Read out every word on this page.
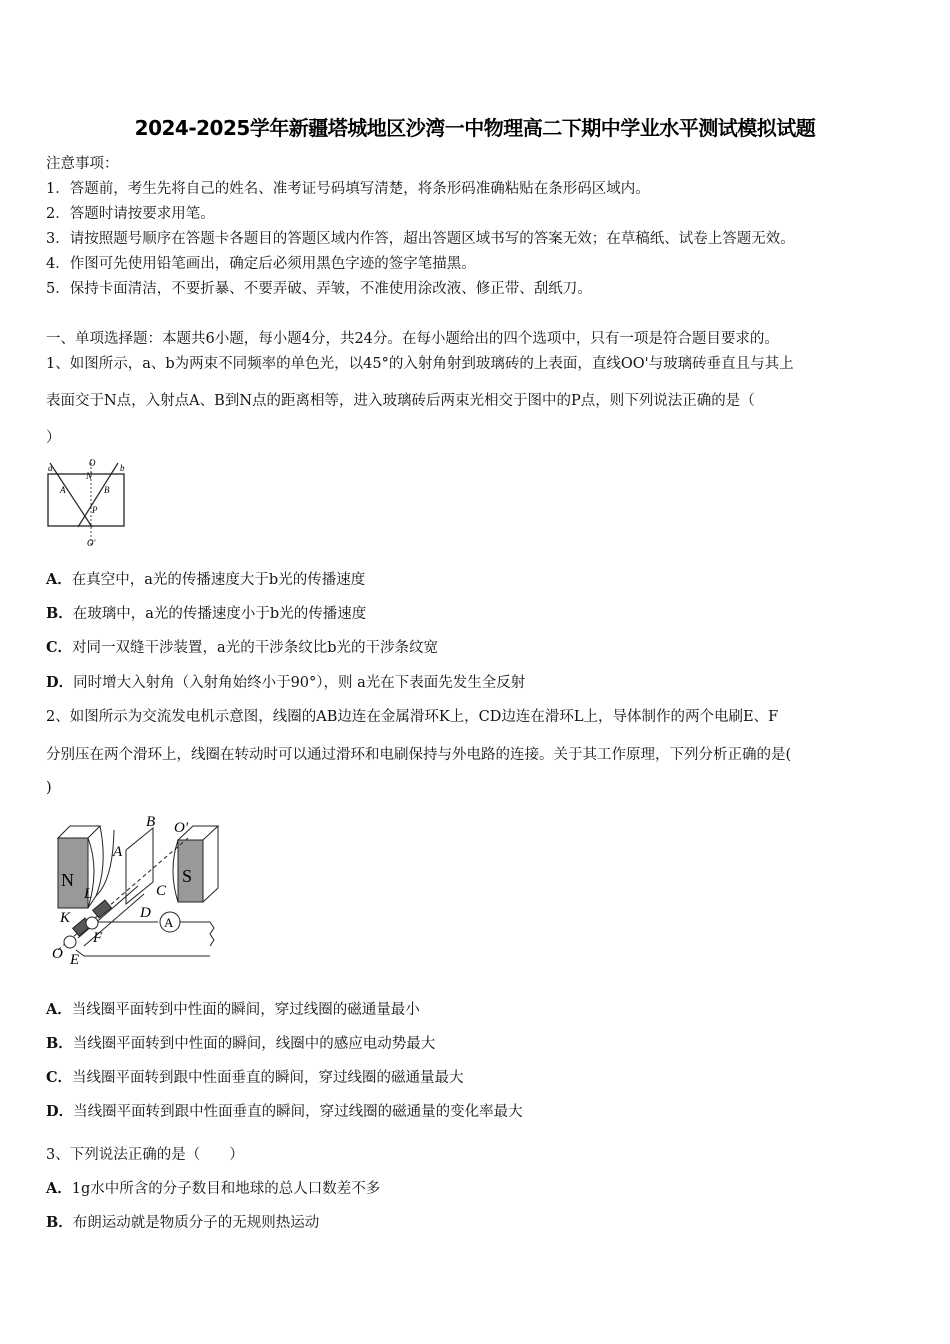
2024-2025学年新疆塔城地区沙湾一中物理高二下期中学业水平测试模拟试题
注意事项：
1．答题前，考生先将自己的姓名、准考证号码填写清楚，将条形码准确粘贴在条形码区域内。
2．答题时请按要求用笔。
3．请按照题号顺序在答题卡各题目的答题区域内作答，超出答题区域书写的答案无效；在草稿纸、试卷上答题无效。
4．作图可先使用铅笔画出，确定后必须用黑色字迹的签字笔描黑。
5．保持卡面清洁，不要折暴、不要弄破、弄皱，不准使用涂改液、修正带、刮纸刀。
一、单项选择题：本题共6小题，每小题4分，共24分。在每小题给出的四个选项中，只有一项是符合题目要求的。
1、如图所示，a、b为两束不同频率的单色光，以45°的入射角射到玻璃砖的上表面，直线OO'与玻璃砖垂直且与其上
表面交于N点，入射点A、B到N点的距离相等，进入玻璃砖后两束光相交于图中的P点，则下列说法正确的是（
）
O
N
a	b
A	B
P
O'
A．在真空中，a光的传播速度大于b光的传播速度
B．在玻璃中，a光的传播速度小于b光的传播速度
C．对同一双缝干涉装置，a光的干涉条纹比b光的干涉条纹宽
D．同时增大入射角（入射角始终小于90°），则 a光在下表面先发生全反射
2、如图所示为交流发电机示意图，线圈的AB边连在金属滑环K上，CD边连在滑环L上，导体制作的两个电刷E、F
分别压在两个滑环上，线圈在转动时可以通过滑环和电刷保持与外电路的连接。关于其工作原理，下列分析正确的是(
)
N	S
A
B O'
A
C
D
L
K
F
O E
A．当线圈平面转到中性面的瞬间，穿过线圈的磁通量最小
B．当线圈平面转到中性面的瞬间，线圈中的感应电动势最大
C．当线圈平面转到跟中性面垂直的瞬间，穿过线圈的磁通量最大
D．当线圈平面转到跟中性面垂直的瞬间，穿过线圈的磁通量的变化率最大
3、下列说法正确的是（　　）
A．1g水中所含的分子数目和地球的总人口数差不多
B．布朗运动就是物质分子的无规则热运动
